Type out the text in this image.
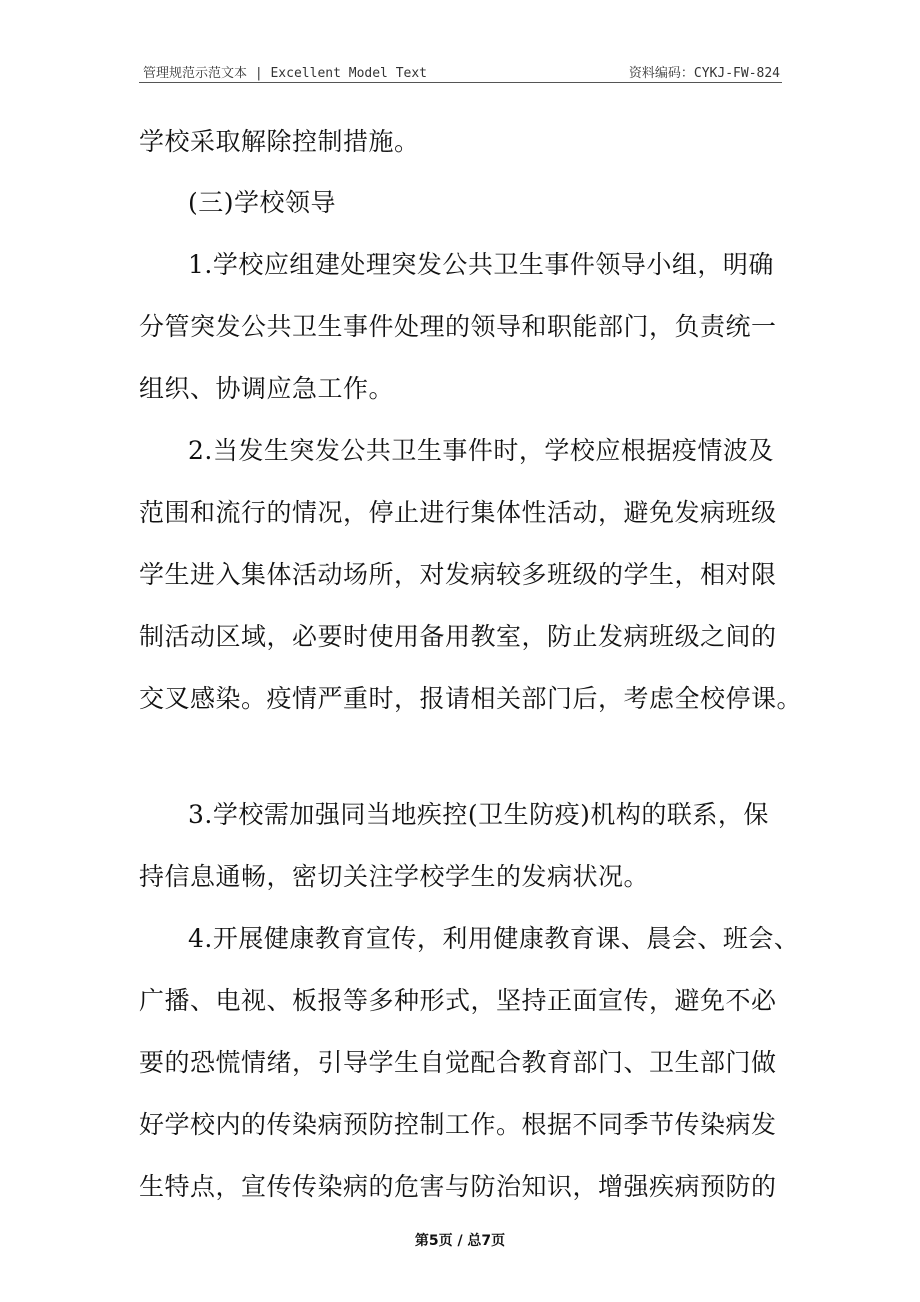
管理规范示范文本 | Excellent Model Text	资料编码：CYKJ-FW-824
学校采取解除控制措施。
(三)学校领导
1.学校应组建处理突发公共卫生事件领导小组，明确
分管突发公共卫生事件处理的领导和职能部门，负责统一
组织、协调应急工作。
2.当发生突发公共卫生事件时，学校应根据疫情波及
范围和流行的情况，停止进行集体性活动，避免发病班级
学生进入集体活动场所，对发病较多班级的学生，相对限
制活动区域，必要时使用备用教室，防止发病班级之间的
交叉感染。疫情严重时，报请相关部门后，考虑全校停课。
3.学校需加强同当地疾控(卫生防疫)机构的联系，保
持信息通畅，密切关注学校学生的发病状况。
4.开展健康教育宣传，利用健康教育课、晨会、班会、
广播、电视、板报等多种形式，坚持正面宣传，避免不必
要的恐慌情绪，引导学生自觉配合教育部门、卫生部门做
好学校内的传染病预防控制工作。根据不同季节传染病发
生特点，宣传传染病的危害与防治知识，增强疾病预防的
第5页 / 总7页
